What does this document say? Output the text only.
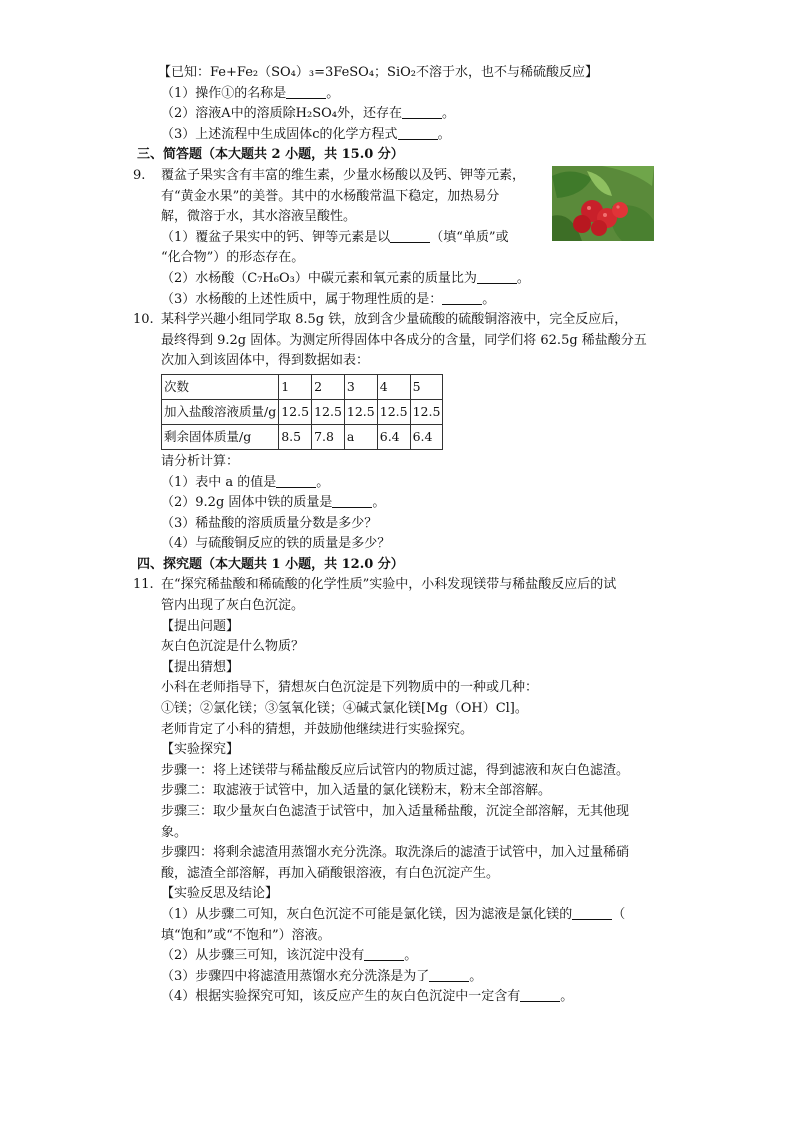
【已知：Fe+Fe₂（SO₄）₃=3FeSO₄；SiO₂不溶于水，也不与稀硫酸反应】
（1）操作①的名称是	。
（2）溶液A中的溶质除H₂SO₄外，还存在	。
（3）上述流程中生成固体c的化学方程式	。
三、简答题（本大题共 2 小题，共 15.0 分）
9. 覆盆子果实含有丰富的维生素，少量水杨酸以及钙、钾等元素，
有“黄金水果”的美誉。其中的水杨酸常温下稳定，加热易分
解，微溶于水，其水溶液呈酸性。
（1）覆盆子果实中的钙、钾等元素是以	（填“单质”或
“化合物”）的形态存在。
（2）水杨酸（C₇H₆O₃）中碳元素和氧元素的质量比为	。
（3）水杨酸的上述性质中，属于物理性质的是：	。
10. 某科学兴趣小组同学取 8.5g 铁，放到含少量硫酸的硫酸铜溶液中，完全反应后，
最终得到 9.2g 固体。为测定所得固体中各成分的含量，同学们将 62.5g 稀盐酸分五
次加入到该固体中，得到数据如表：
次数	1	2	3	4	5
加入盐酸溶液质量/g	12.5	12.5	12.5	12.5	12.5
剩余固体质量/g	8.5	7.8	a	6.4	6.4
请分析计算：
（1）表中 a 的值是	。
（2）9.2g 固体中铁的质量是	。
（3）稀盐酸的溶质质量分数是多少？
（4）与硫酸铜反应的铁的质量是多少？
四、探究题（本大题共 1 小题，共 12.0 分）
11. 在“探究稀盐酸和稀硫酸的化学性质”实验中，小科发现镁带与稀盐酸反应后的试
管内出现了灰白色沉淀。
【提出问题】
灰白色沉淀是什么物质？
【提出猜想】
小科在老师指导下，猜想灰白色沉淀是下列物质中的一种或几种：
①镁；②氯化镁；③氢氧化镁；④碱式氯化镁[Mg（OH）Cl]。
老师肯定了小科的猜想，并鼓励他继续进行实验探究。
【实验探究】
步骤一：将上述镁带与稀盐酸反应后试管内的物质过滤，得到滤液和灰白色滤渣。
步骤二：取滤液于试管中，加入适量的氯化镁粉末，粉末全部溶解。
步骤三：取少量灰白色滤渣于试管中，加入适量稀盐酸，沉淀全部溶解，无其他现
象。
步骤四：将剩余滤渣用蒸馏水充分洗涤。取洗涤后的滤渣于试管中，加入过量稀硝
酸，滤渣全部溶解，再加入硝酸银溶液，有白色沉淀产生。
【实验反思及结论】
（1）从步骤二可知，灰白色沉淀不可能是氯化镁，因为滤液是氯化镁的	（
填“饱和”或“不饱和”）溶液。
（2）从步骤三可知，该沉淀中没有	。
（3）步骤四中将滤渣用蒸馏水充分洗涤是为了	。
（4）根据实验探究可知，该反应产生的灰白色沉淀中一定含有	。
